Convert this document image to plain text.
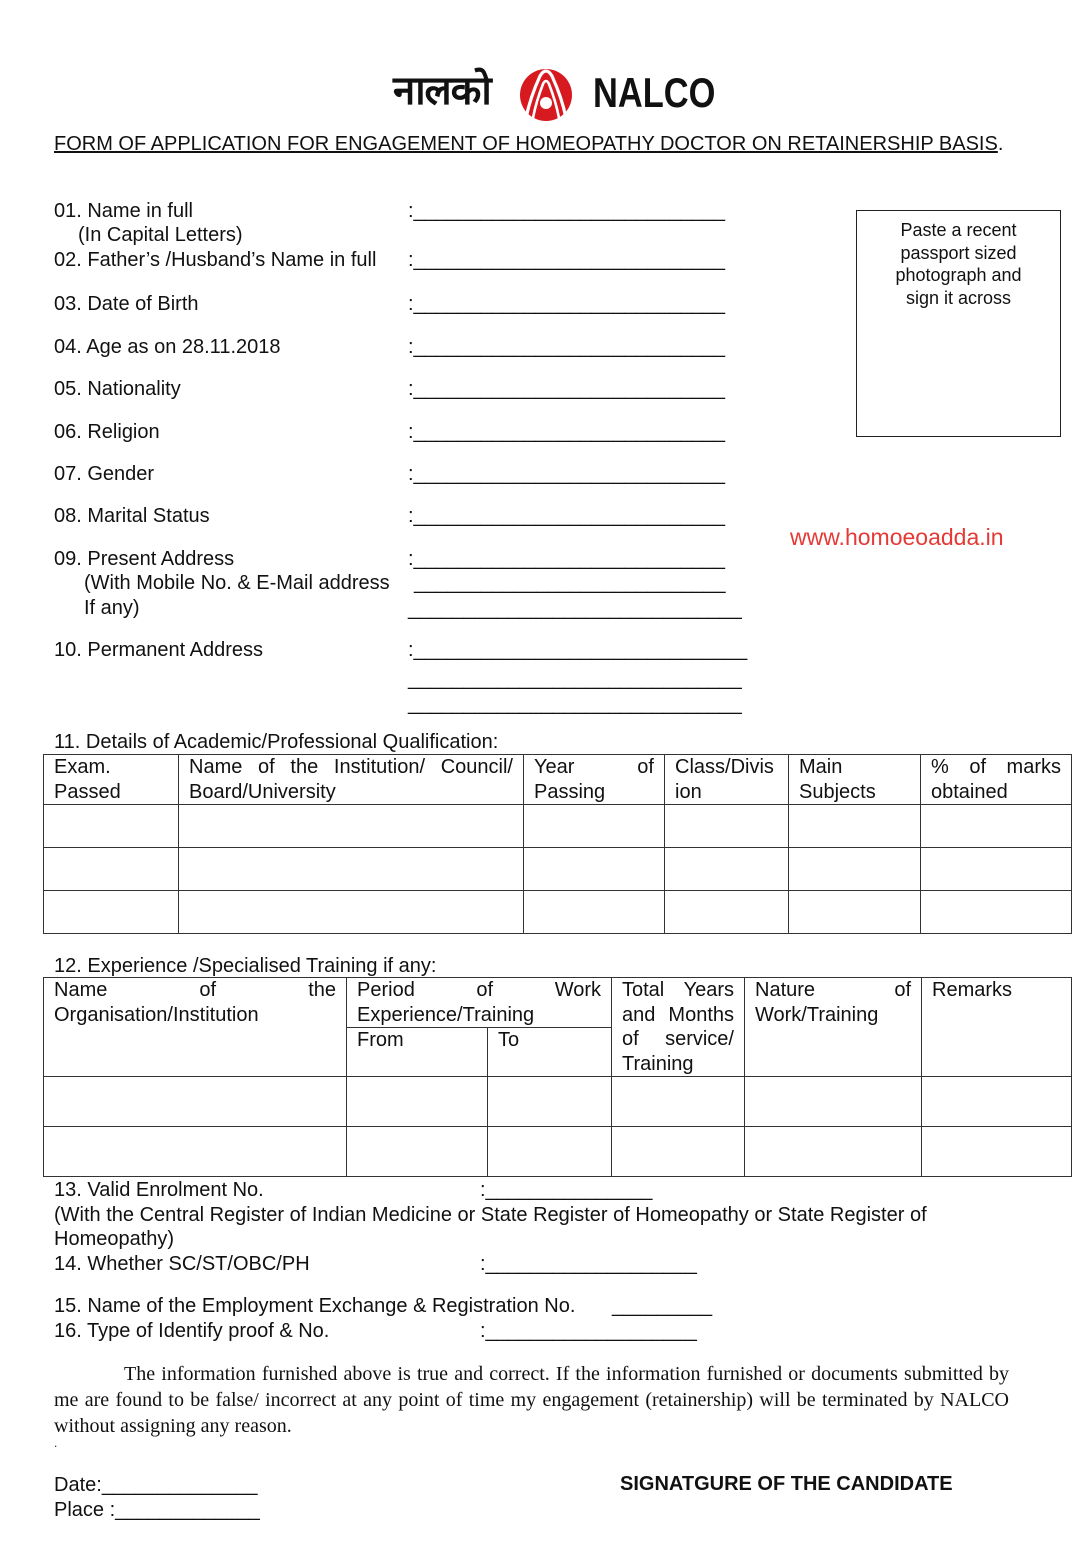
नालको NALCO
FORM OF APPLICATION FOR ENGAGEMENT OF HOMEOPATHY DOCTOR ON RETAINERSHIP BASIS.
01. Name in full
(In Capital Letters)
:____________________________
02. Father’s /Husband’s Name in full :____________________________
03. Date of Birth	:____________________________
04. Age as on 28.11.2018	:____________________________
05. Nationality	:____________________________
06. Religion	:____________________________
07. Gender	:____________________________
08. Marital Status	:____________________________
09. Present Address
(With Mobile No. & E-Mail address
If any)
:____________________________
____________________________
______________________________
10. Permanent Address	:______________________________
______________________________
______________________________
Paste a recent
passport sized
photograph and
sign it across
www.homoeoadda.in
11. Details of Academic/Professional Qualification:
Exam. Passed	Name of the Institution/ Council/ Board/University	Year of Passing	Class/Division	Main Subjects	% of marks obtained

12. Experience /Specialised Training if any:
Name of the Organisation/Institution	Period of Work Experience/Training		Total Years and Months of service/ Training	Nature of Work/Training	Remarks
	From	To			

13. Valid Enrolment No.	:_______________
(With the Central Register of Indian Medicine or State Register of Homeopathy or State Register of Homeopathy)
14. Whether SC/ST/OBC/PH	:___________________
15. Name of the Employment Exchange & Registration No. _________
16. Type of Identify proof & No.	:___________________
The information furnished above is true and correct. If the information furnished or documents submitted by me are found to be false/ incorrect at any point of time my engagement (retainership) will be terminated by NALCO without assigning any reason.
.
Date:______________
Place :_____________
SIGNATGURE OF THE CANDIDATE
